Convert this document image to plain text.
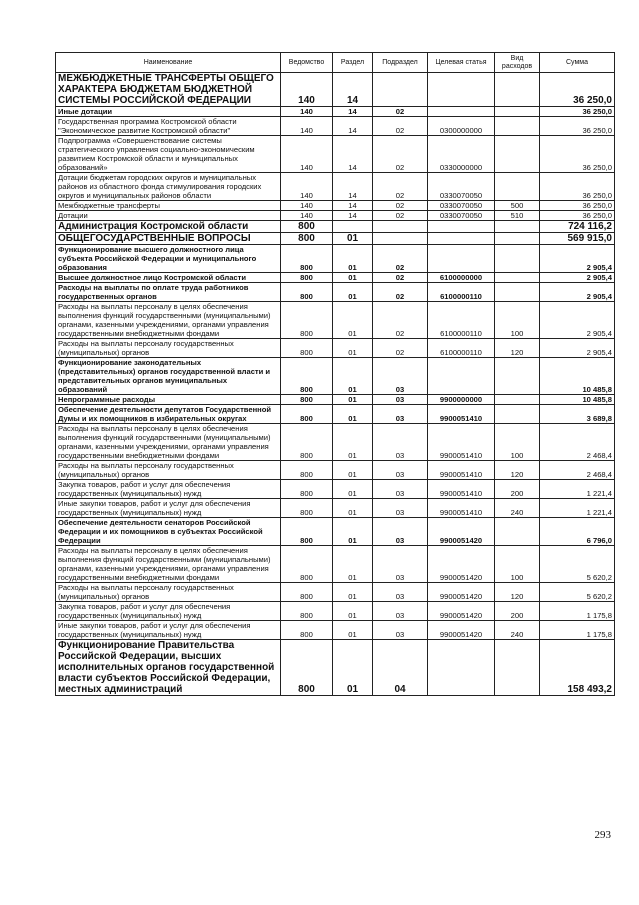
Наименование	Ведомство	Раздел	Подраздел	Целевая статья	Вид расходов	Сумма
МЕЖБЮДЖЕТНЫЕ ТРАНСФЕРТЫ ОБЩЕГО ХАРАКТЕРА БЮДЖЕТАМ БЮДЖЕТНОЙ СИСТЕМЫ РОССИЙСКОЙ ФЕДЕРАЦИИ	140	14				36 250,0
Иные дотации	140	14	02			36 250,0
Государственная программа Костромской области "Экономическое развитие Костромской области"	140	14	02	0300000000		36 250,0
Подпрограмма «Совершенствование системы стратегического управления социально-экономическим развитием Костромской области и муниципальных образований»	140	14	02	0330000000		36 250,0
Дотации бюджетам городских округов и муниципальных районов из областного фонда стимулирования городских округов и муниципальных районов области	140	14	02	0330070050		36 250,0
Межбюджетные трансферты	140	14	02	0330070050	500	36 250,0
Дотации	140	14	02	0330070050	510	36 250,0
Администрация Костромской области	800					724 116,2
ОБЩЕГОСУДАРСТВЕННЫЕ ВОПРОСЫ	800	01				569 915,0
Функционирование высшего должностного лица субъекта Российской Федерации и муниципального образования	800	01	02			2 905,4
Высшее должностное лицо Костромской области	800	01	02	6100000000		2 905,4
Расходы на выплаты по оплате труда работников государственных органов	800	01	02	6100000110		2 905,4
Расходы на выплаты персоналу в целях обеспечения выполнения функций государственными (муниципальными) органами, казенными учреждениями, органами управления государственными внебюджетными фондами	800	01	02	6100000110	100	2 905,4
Расходы на выплаты персоналу государственных (муниципальных) органов	800	01	02	6100000110	120	2 905,4
Функционирование законодательных (представительных) органов государственной власти и представительных органов муниципальных образований	800	01	03			10 485,8
Непрограммные расходы	800	01	03	9900000000		10 485,8
Обеспечение деятельности депутатов Государственной Думы и их помощников в избирательных округах	800	01	03	9900051410		3 689,8
Расходы на выплаты персоналу в целях обеспечения выполнения функций государственными (муниципальными) органами, казенными учреждениями, органами управления государственными внебюджетными фондами	800	01	03	9900051410	100	2 468,4
Расходы на выплаты персоналу государственных (муниципальных) органов	800	01	03	9900051410	120	2 468,4
Закупка товаров, работ и услуг для обеспечения государственных (муниципальных) нужд	800	01	03	9900051410	200	1 221,4
Иные закупки товаров, работ и услуг для обеспечения государственных (муниципальных) нужд	800	01	03	9900051410	240	1 221,4
Обеспечение деятельности сенаторов Российской Федерации и их помощников в субъектах Российской Федерации	800	01	03	9900051420		6 796,0
Расходы на выплаты персоналу в целях обеспечения выполнения функций государственными (муниципальными) органами, казенными учреждениями, органами управления государственными внебюджетными фондами	800	01	03	9900051420	100	5 620,2
Расходы на выплаты персоналу государственных (муниципальных) органов	800	01	03	9900051420	120	5 620,2
Закупка товаров, работ и услуг для обеспечения государственных (муниципальных) нужд	800	01	03	9900051420	200	1 175,8
Иные закупки товаров, работ и услуг для обеспечения государственных (муниципальных) нужд	800	01	03	9900051420	240	1 175,8
Функционирование Правительства Российской Федерации, высших исполнительных органов государственной власти субъектов Российской Федерации, местных администраций	800	01	04			158 493,2
293
